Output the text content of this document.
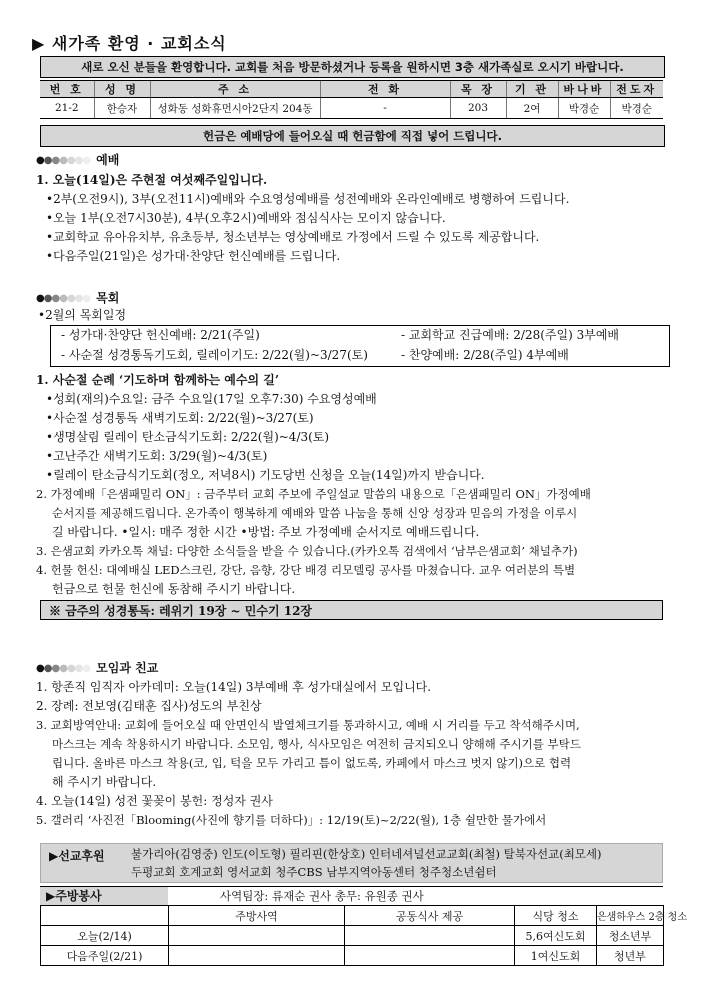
▶ 새가족 환영 · 교회소식
새로 오신 분들을 환영합니다. 교회를 처음 방문하셨거나 등록을 원하시면 3층 새가족실로 오시기 바랍니다.
번 호	성 명	주 소	전 화	목 장	기 관	바나바	전도자
21-2	한승자	성화동 성화휴먼시아2단지 204동	-	203	2여	박경순	박경순
헌금은 예배당에 들어오실 때 헌금함에 직접 넣어 드립니다.
●●●●●●● 예배
1. 오늘(14일)은 주현절 여섯째주일입니다.
•2부(오전9시), 3부(오전11시)예배와 수요영성예배를 성전예배와 온라인예배로 병행하여 드립니다.
•오늘 1부(오전7시30분), 4부(오후2시)예배와 점심식사는 모이지 않습니다.
•교회학교 유아유치부, 유초등부, 청소년부는 영상예배로 가정에서 드릴 수 있도록 제공합니다.
•다음주일(21일)은 성가대·찬양단 헌신예배를 드립니다.
●●●●●●● 목회
•2월의 목회일정
- 성가대·찬양단 헌신예배: 2/21(주일)	- 교회학교 진급예배: 2/28(주일) 3부예배
- 사순절 성경통독기도회, 릴레이기도: 2/22(월)~3/27(토)	- 찬양예배: 2/28(주일) 4부예배
1. 사순절 순례 ‘기도하며 함께하는 예수의 길’
•성회(재의)수요일: 금주 수요일(17일 오후7:30) 수요영성예배
•사순절 성경통독 새벽기도회: 2/22(월)~3/27(토)
•생명살림 릴레이 탄소금식기도회: 2/22(월)~4/3(토)
•고난주간 새벽기도회: 3/29(월)~4/3(토)
•릴레이 탄소금식기도회(정오, 저녁8시) 기도당번 신청을 오늘(14일)까지 받습니다.
2. 가정예배「은샘패밀리 ON」: 금주부터 교회 주보에 주일설교 말씀의 내용으로「은샘패밀리 ON」가정예배
순서지를 제공해드립니다. 온가족이 행복하게 예배와 말씀 나눔을 통해 신앙 성장과 믿음의 가정을 이루시
길 바랍니다. •일시: 매주 정한 시간 •방법: 주보 가정예배 순서지로 예배드립니다.
3. 은샘교회 카카오톡 채널: 다양한 소식들을 받을 수 있습니다.(카카오톡 검색에서 ‘남부은샘교회’ 채널추가)
4. 헌물 헌신: 대예배실 LED스크린, 강단, 음향, 강단 배경 리모델링 공사를 마쳤습니다. 교우 여러분의 특별
헌금으로 헌물 헌신에 동참해 주시기 바랍니다.
※ 금주의 성경통독: 레위기 19장 ~ 민수기 12장
●●●●●●● 모임과 친교
1. 항존직 임직자 아카데미: 오늘(14일) 3부예배 후 성가대실에서 모입니다.
2. 장례: 전보영(김태훈 집사)성도의 부친상
3. 교회방역안내: 교회에 들어오실 때 안면인식 발열체크기를 통과하시고, 예배 시 거리를 두고 착석해주시며,
마스크는 계속 착용하시기 바랍니다. 소모임, 행사, 식사모임은 여전히 금지되오니 양해해 주시기를 부탁드
립니다. 올바른 마스크 착용(코, 입, 턱을 모두 가리고 틈이 없도록, 카페에서 마스크 벗지 않기)으로 협력
해 주시기 바랍니다.
4. 오늘(14일) 성전 꽃꽂이 봉헌: 정성자 권사
5. 갤러리 ‘사진전「Blooming(사진에 향기를 더하다)」: 12/19(토)~2/22(월), 1층 쉴만한 물가에서
▶선교후원 불가리아(김영중) 인도(이도형) 필리핀(한상호) 인터네셔널선교교회(최철) 탈북자선교(최모세)
두평교회 호계교회 영서교회 청주CBS 남부지역아동센터 청주청소년쉼터
▶주방봉사	사역팀장: 류재순 권사 총무: 유원종 권사
	주방사역	공동식사 제공	식당 청소	은샘하우스 2층 청소
오늘(2/14)			5,6여신도회	청소년부
다음주일(2/21)			1여신도회	청년부
